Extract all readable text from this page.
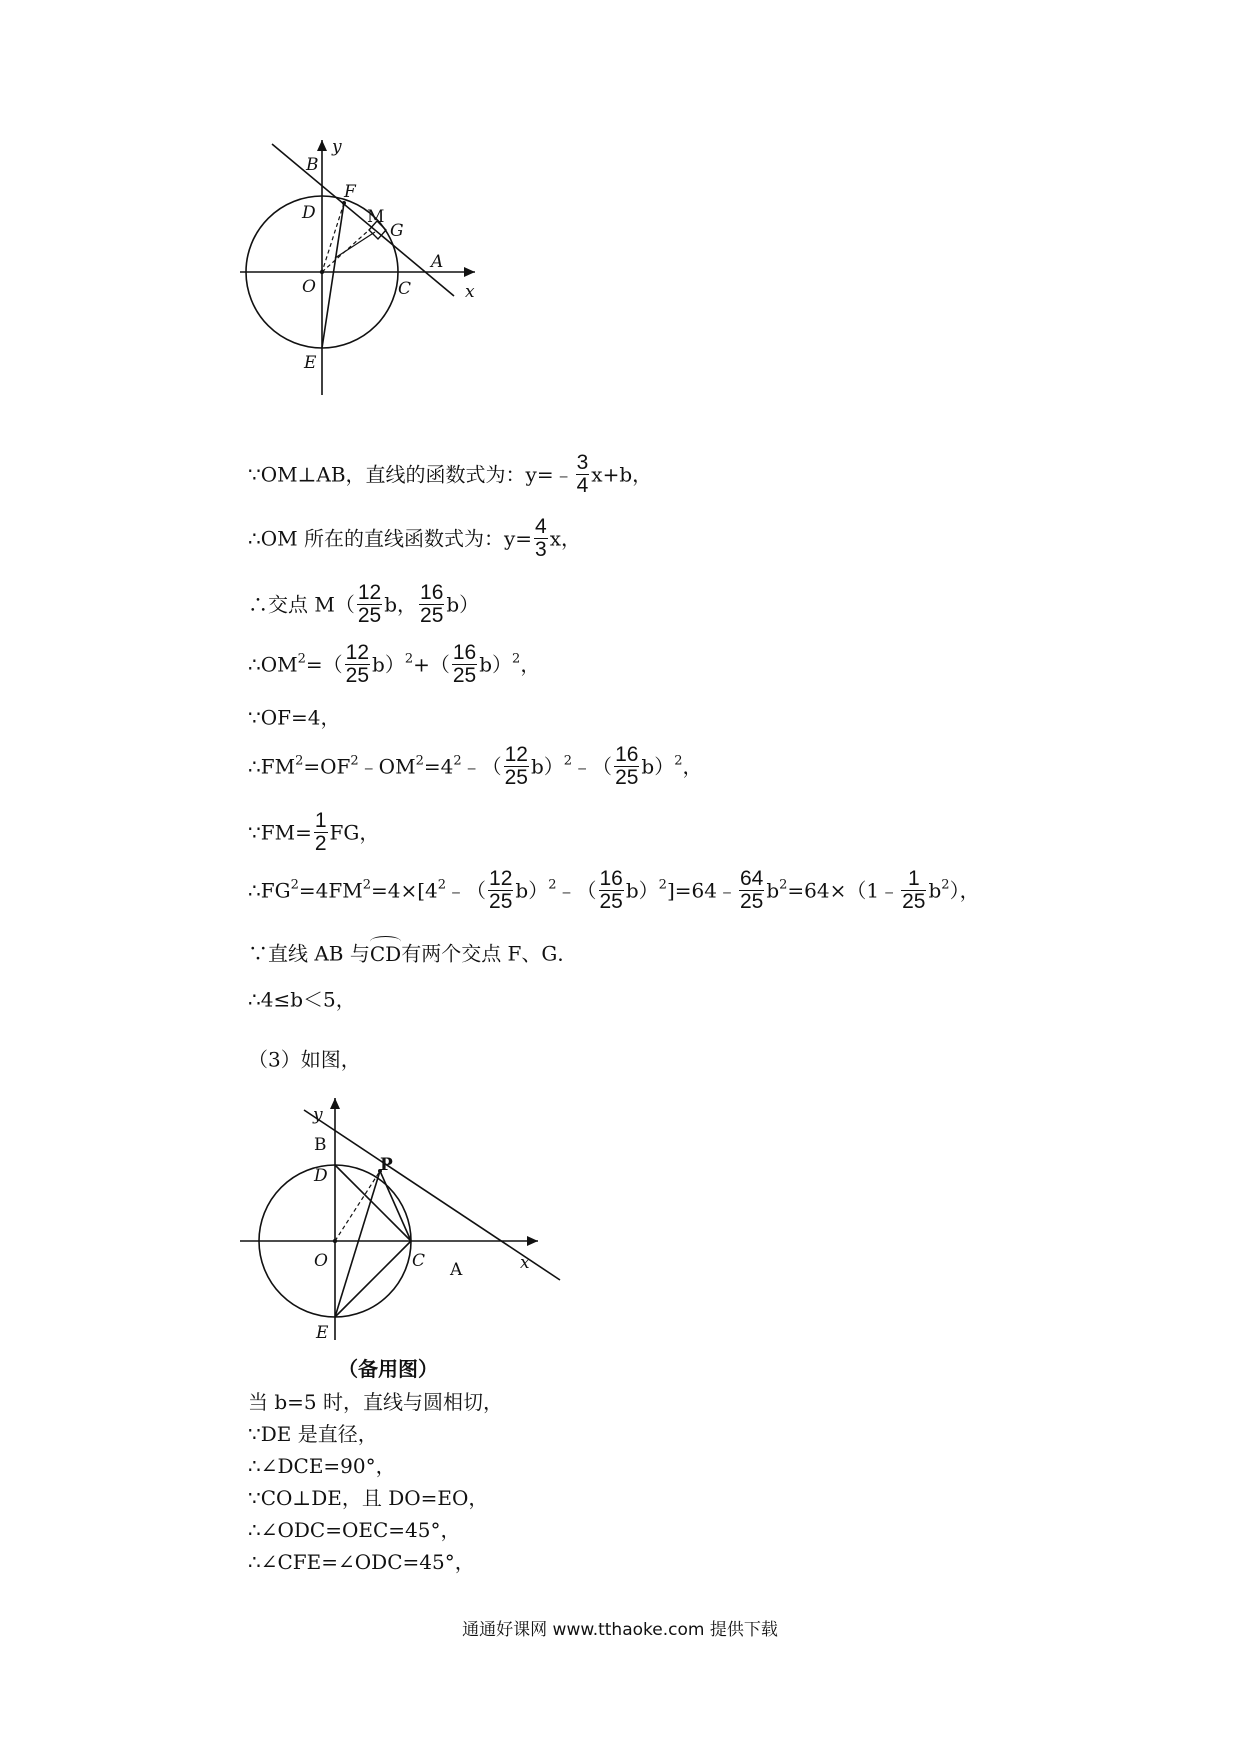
y
x
B
F
D	M
G
A
O	C
E
∵OM⊥AB，直线的函数式为：y=﹣ $\frac{3}{4} x+b$，
∴OM 所在的直线函数式为：$y= \frac{4}{3}$ x，
∴交点 $M( \frac{12}{25}$ b， $\frac{16}{25} b$）
$\therefore OM^2=( \frac{12}{25} b)^2+( \frac{16}{25} b)^2$，
∵OF=4，
$\therefore FM^2=OF^2﹣OM^2=4^2﹣( \frac{12}{25}$ b）$^2$﹣（ $\frac{16}{25} b)^2$，
∵FM= $\frac{1}{2}$ FG，
$\therefore FG^2=4FM^2=4\times[4^2﹣( \frac{12}{25}$ b）$^2$﹣（ $\frac{16}{25}$ b）$^2$]=64﹣ $\frac{64}{25}$ $b^2=64\times(1﹣ \frac{1}{25} b^2)$，
∵直线 AB 与CD有两个交点 F、G．
∴4≤b＜5，
（3）如图，
y
B
P
D
O	C A	x
E
（备用图）
当 b=5 时，直线与圆相切，
∵DE 是直径，
∴∠DCE=90°，
∵CO⊥DE，且 DO=EO，
∴∠ODC=OEC=45°，
∴∠CFE=∠ODC=45°，
通通好课网 www.tthaoke.com 提供下载
